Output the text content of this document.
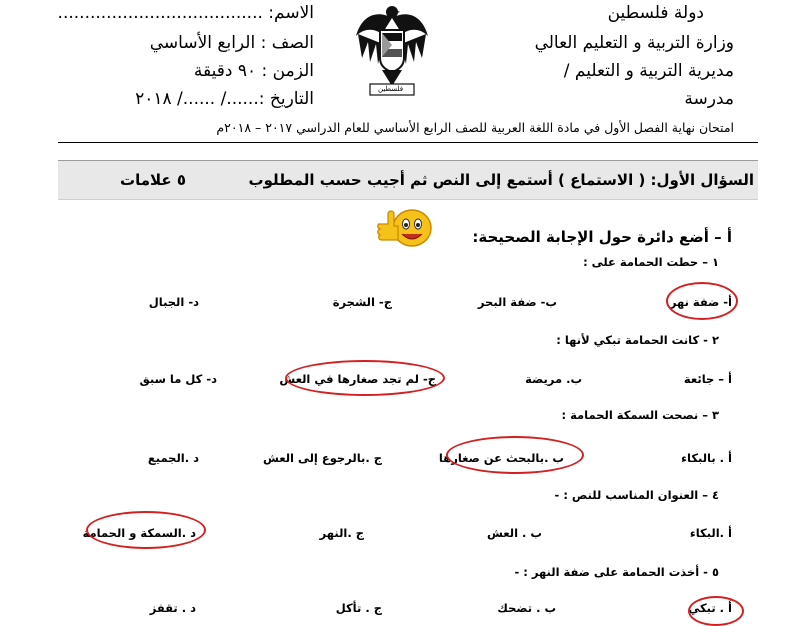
دولة فلسطين
وزارة التربية و التعليم العالي
مديرية التربية و التعليم /
مدرسة
فلسطين
الاسم: ......................................
الصف : الرابع الأساسي
الزمن : ٩٠ دقيقة
التاريخ :....../ ....../ ٢٠١٨
امتحان نهاية الفصل الأول في مادة اللغة العربية للصف الرابع الأساسي للعام الدراسي ٢٠١٧ – ٢٠١٨م
السؤال الأول: ( الاستماع ) أستمع إلى النص ثم أجيب حسب المطلوب
٥ علامات
أ – أضع دائرة حول الإجابة الصحيحة:
١ – حطت الحمامة على :
أ- ضفة نهر
ب- ضفة البحر
ج- الشجرة
د- الجبال
٢ - كانت الحمامة تبكي لأنها :
أ – جائعة
ب. مريضة
ج- لم تجد صغارها في العش
د- كل ما سبق
٣ – نصحت السمكة الحمامة :
أ . بالبكاء
ب .بالبحث عن صغارها
ج .بالرجوع إلى العش
د .الجميع
٤ – العنوان المناسب للنص : -
أ .البكاء
ب . العش
ج .النهر
د .السمكة و الحمامة
٥ - أخذت الحمامة على ضفة النهر : -
أ . تبكي
ب . تضحك
ج . تأكل
د . تقفز
